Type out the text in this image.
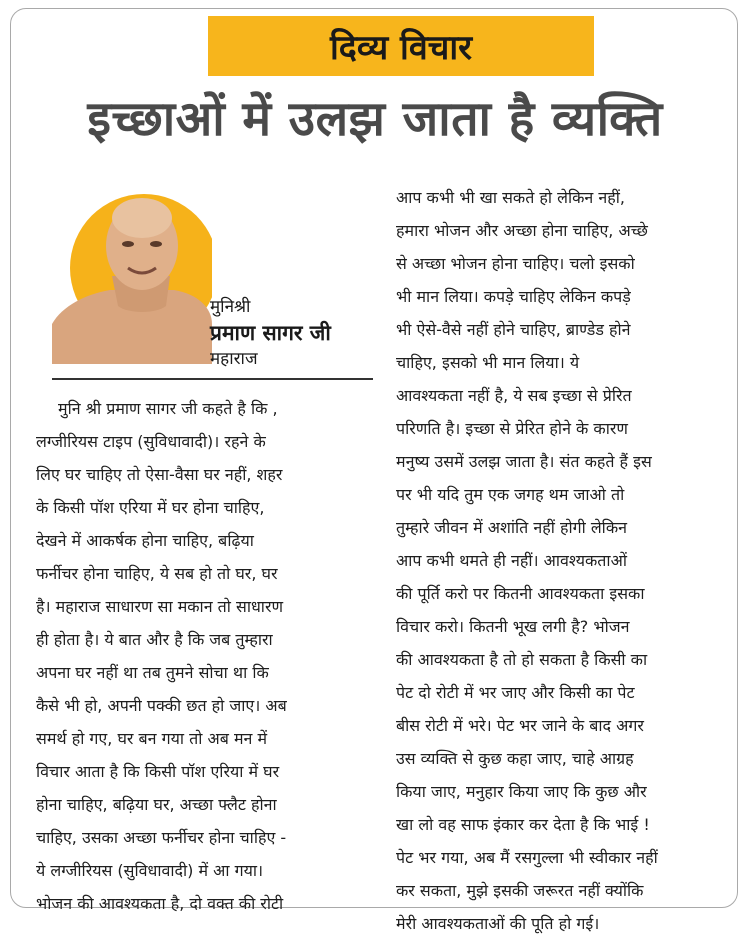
दिव्य विचार
इच्छाओं में उलझ जाता है व्यक्ति
मुनिश्री
प्रमाण सागर जी
महाराज
मुनि श्री प्रमाण सागर जी कहते है कि ,
लग्जीरियस टाइप (सुविधावादी)। रहने के
लिए घर चाहिए तो ऐसा-वैसा घर नहीं, शहर
के किसी पॉश एरिया में घर होना चाहिए,
देखने में आकर्षक होना चाहिए, बढ़िया
फर्नीचर होना चाहिए, ये सब हो तो घर, घर
है। महाराज साधारण सा मकान तो साधारण
ही होता है। ये बात और है कि जब तुम्हारा
अपना घर नहीं था तब तुमने सोचा था कि
कैसे भी हो, अपनी पक्की छत हो जाए। अब
समर्थ हो गए, घर बन गया तो अब मन में
विचार आता है कि किसी पॉश एरिया में घर
होना चाहिए, बढ़िया घर, अच्छा फ्लैट होना
चाहिए, उसका अच्छा फर्नीचर होना चाहिए -
ये लग्जीरियस (सुविधावादी) में आ गया।
भोजन की आवश्यकता है, दो वक्त की रोटी
आप कभी भी खा सकते हो लेकिन नहीं,
हमारा भोजन और अच्छा होना चाहिए, अच्छे
से अच्छा भोजन होना चाहिए। चलो इसको
भी मान लिया। कपड़े चाहिए लेकिन कपड़े
भी ऐसे-वैसे नहीं होने चाहिए, ब्राण्डेड होने
चाहिए, इसको भी मान लिया। ये
आवश्यकता नहीं है, ये सब इच्छा से प्रेरित
परिणति है। इच्छा से प्रेरित होने के कारण
मनुष्य उसमें उलझ जाता है। संत कहते हैं इस
पर भी यदि तुम एक जगह थम जाओ तो
तुम्हारे जीवन में अशांति नहीं होगी लेकिन
आप कभी थमते ही नहीं। आवश्यकताओं
की पूर्ति करो पर कितनी आवश्यकता इसका
विचार करो। कितनी भूख लगी है? भोजन
की आवश्यकता है तो हो सकता है किसी का
पेट दो रोटी में भर जाए और किसी का पेट
बीस रोटी में भरे। पेट भर जाने के बाद अगर
उस व्यक्ति से कुछ कहा जाए, चाहे आग्रह
किया जाए, मनुहार किया जाए कि कुछ और
खा लो वह साफ इंकार कर देता है कि भाई !
पेट भर गया, अब मैं रसगुल्ला भी स्वीकार नहीं
कर सकता, मुझे इसकी जरूरत नहीं क्योंकि
मेरी आवश्यकताओं की पूति हो गई।
